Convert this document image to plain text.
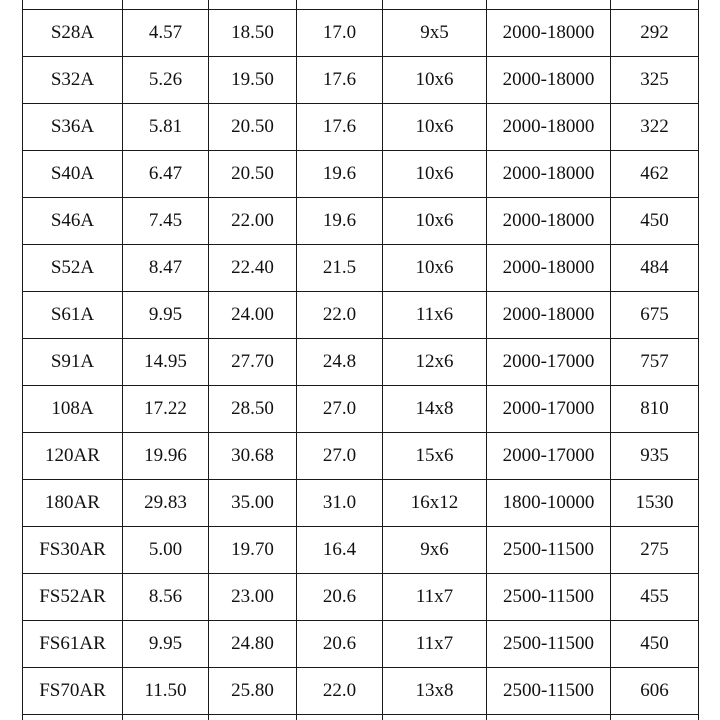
S28A	4.57	18.50	17.0	9x5	2000-18000	292
S32A	5.26	19.50	17.6	10x6	2000-18000	325
S36A	5.81	20.50	17.6	10x6	2000-18000	322
S40A	6.47	20.50	19.6	10x6	2000-18000	462
S46A	7.45	22.00	19.6	10x6	2000-18000	450
S52A	8.47	22.40	21.5	10x6	2000-18000	484
S61A	9.95	24.00	22.0	11x6	2000-18000	675
S91A	14.95	27.70	24.8	12x6	2000-17000	757
108A	17.22	28.50	27.0	14x8	2000-17000	810
120AR	19.96	30.68	27.0	15x6	2000-17000	935
180AR	29.83	35.00	31.0	16x12	1800-10000	1530
FS30AR	5.00	19.70	16.4	9x6	2500-11500	275
FS52AR	8.56	23.00	20.6	11x7	2500-11500	455
FS61AR	9.95	24.80	20.6	11x7	2500-11500	450
FS70AR	11.50	25.80	22.0	13x8	2500-11500	606
